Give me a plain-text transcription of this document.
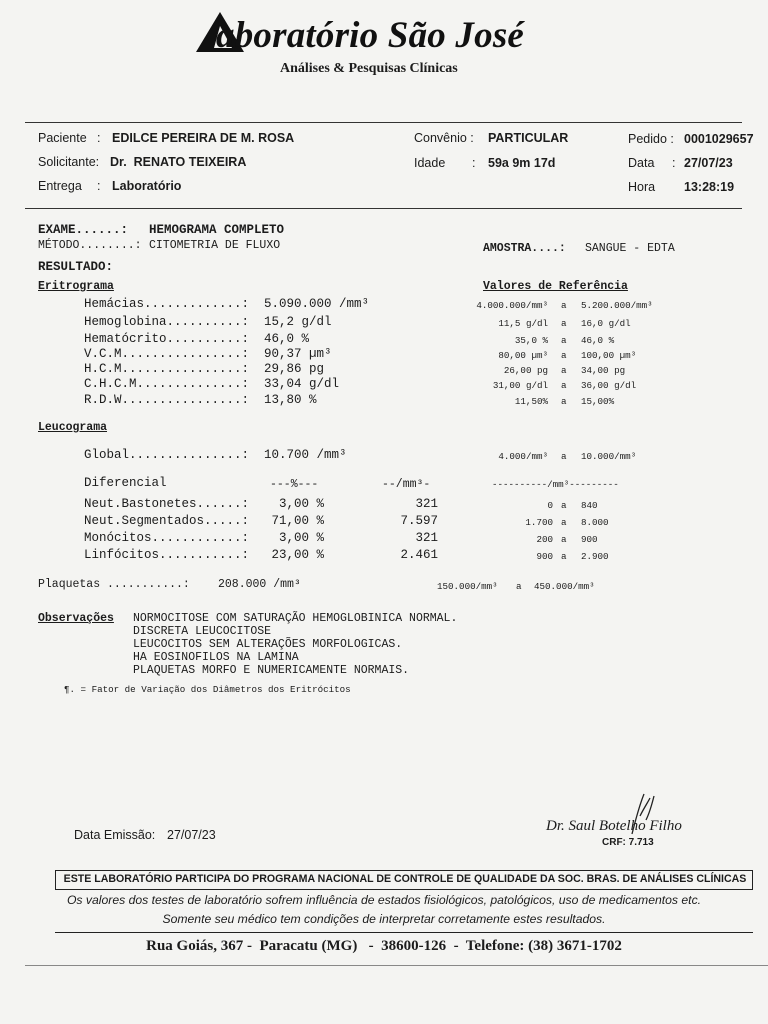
aboratório São José
Análises & Pesquisas Clínicas
Paciente : EDILCE PEREIRA DE M. ROSA
Solicitante: Dr.  RENATO TEIXEIRA
Entrega : Laboratório
Convênio : PARTICULAR
Idade : 59a 9m 17d
Pedido : 0001029657
Data : 27/07/23
Hora 13:28:19
EXAME......: HEMOGRAMA COMPLETO
MÉTODO........: CITOMETRIA DE FLUXO	AMOSTRA....: SANGUE - EDTA
RESULTADO:
Eritrograma	Valores de Referência
Hemácias.............: 5.090.000 /mm³	4.000.000/mm³ a 5.200.000/mm³
Hemoglobina..........: 15,2 g/dl	11,5 g/dl a 16,0 g/dl
Hematócrito..........: 46,0 %	35,0 % a 46,0 %
V.C.M................: 90,37 µm³	80,00 µm³ a 100,00 µm³
H.C.M................: 29,86 pg	26,00 pg a 34,00 pg
C.H.C.M..............: 33,04 g/dl	31,00 g/dl a 36,00 g/dl
R.D.W................: 13,80 %	11,50% a 15,00%
Leucograma
Global...............: 10.700 /mm³	4.000/mm³ a 10.000/mm³
Diferencial	---%---	--/mm³-	----------/mm³---------
Neut.Bastonetes......:	3,00 %	321	0 a 840
Neut.Segmentados.....:	71,00 %	7.597	1.700 a 8.000
Monócitos............:	3,00 %	321	200 a 900
Linfócitos...........:	23,00 %	2.461	900 a 2.900
Plaquetas ...........: 208.000 /mm³	150.000/mm³ a 450.000/mm³
Observações NORMOCITOSE COM SATURAÇÃO HEMOGLOBINICA NORMAL.
DISCRETA LEUCOCITOSE
LEUCOCITOS SEM ALTERAÇÕES MORFOLOGICAS.
HA EOSINOFILOS NA LAMINA
PLAQUETAS MORFO E NUMERICAMENTE NORMAIS.
¶. = Fator de Variação dos Diâmetros dos Eritrócitos
Data Emissão: 27/07/23
Dr. Saul Botelho Filho
CRF: 7.713
ESTE LABORATÓRIO PARTICIPA DO PROGRAMA NACIONAL DE CONTROLE DE QUALIDADE DA SOC. BRAS. DE ANÁLISES CLÍNICAS
Os valores dos testes de laboratório sofrem influência de estados fisiológicos, patológicos, uso de medicamentos etc.
Somente seu médico tem condições de interpretar corretamente estes resultados.
Rua Goiás, 367 -  Paracatu (MG)   -  38600-126  -  Telefone: (38) 3671-1702
